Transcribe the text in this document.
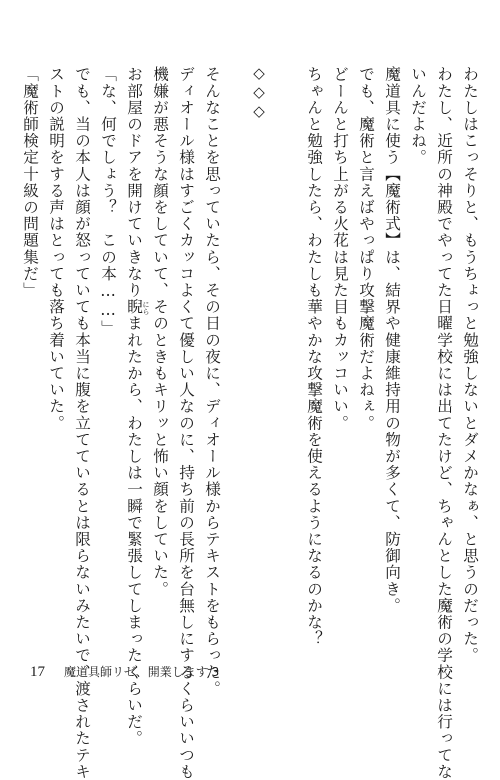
わたしはこっそりと、もうちょっと勉強しないとダメかなぁ、と思うのだった。
わたし、近所の神殿でやってた日曜学校には出てたけど、ちゃんとした魔術の学校には行ってな
いんだよね。
魔道具に使う【魔術式】は、結界や健康維持用の物が多くて、防御向き。
でも、魔術と言えばやっぱり攻撃魔術だよねぇ。
どーんと打ち上がる火花は見た目もカッコいい。
ちゃんと勉強したら、わたしも華やかな攻撃魔術を使えるようになるのかな？
◇◇◇
そんなことを思っていたら、その日の夜に、ディオール様からテキストをもらった。
ディオール様はすごくカッコよくて優しい人なのに、持ち前の長所を台無しにするくらいいつも
機嫌が悪そうな顔をしていて、そのときもキリッと怖い顔をしていた。
お部屋のドアを開けていきなり睨まれたから、わたしは一瞬で緊張してしまったくらいだ。 にら
「な、何でしょう？　この本……」
でも、当の本人は顔が怒っていても本当に腹を立てているとは限らないみたいで、渡されたテキ
ストの説明をする声はとっても落ち着いていた。
「魔術師検定十級の問題集だ」
17 魔道具師リゼ、開業します 3
